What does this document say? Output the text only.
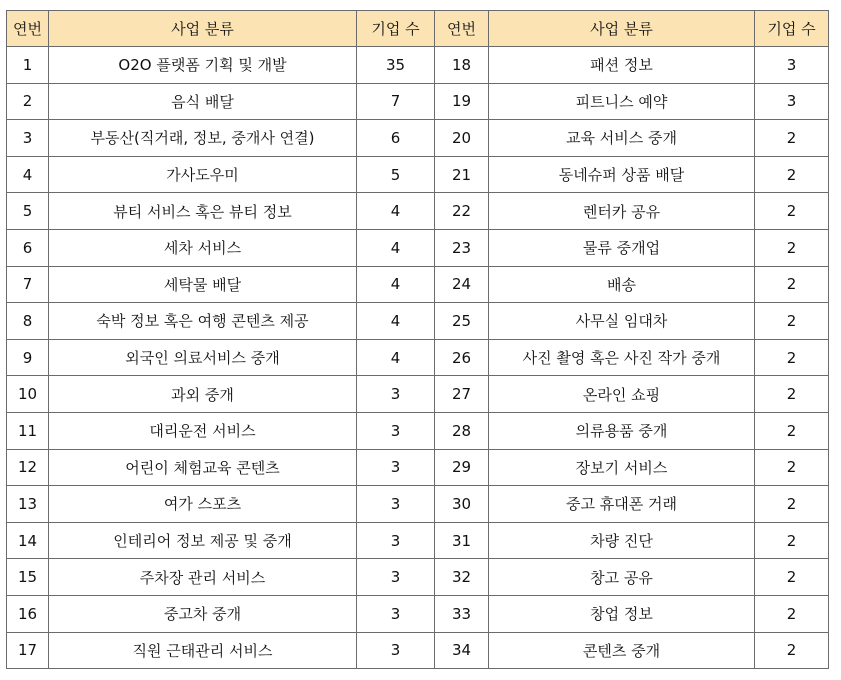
연번	사업 분류	기업 수	연번	사업 분류	기업 수
1	O2O 플랫폼 기획 및 개발	35	18	패션 정보	3
2	음식 배달	7	19	피트니스 예약	3
3	부동산(직거래, 정보, 중개사 연결)	6	20	교육 서비스 중개	2
4	가사도우미	5	21	동네슈퍼 상품 배달	2
5	뷰티 서비스 혹은 뷰티 정보	4	22	렌터카 공유	2
6	세차 서비스	4	23	물류 중개업	2
7	세탁물 배달	4	24	배송	2
8	숙박 정보 혹은 여행 콘텐츠 제공	4	25	사무실 임대차	2
9	외국인 의료서비스 중개	4	26	사진 촬영 혹은 사진 작가 중개	2
10	과외 중개	3	27	온라인 쇼핑	2
11	대리운전 서비스	3	28	의류용품 중개	2
12	어린이 체험교육 콘텐츠	3	29	장보기 서비스	2
13	여가 스포츠	3	30	중고 휴대폰 거래	2
14	인테리어 정보 제공 및 중개	3	31	차량 진단	2
15	주차장 관리 서비스	3	32	창고 공유	2
16	중고차 중개	3	33	창업 정보	2
17	직원 근태관리 서비스	3	34	콘텐츠 중개	2
